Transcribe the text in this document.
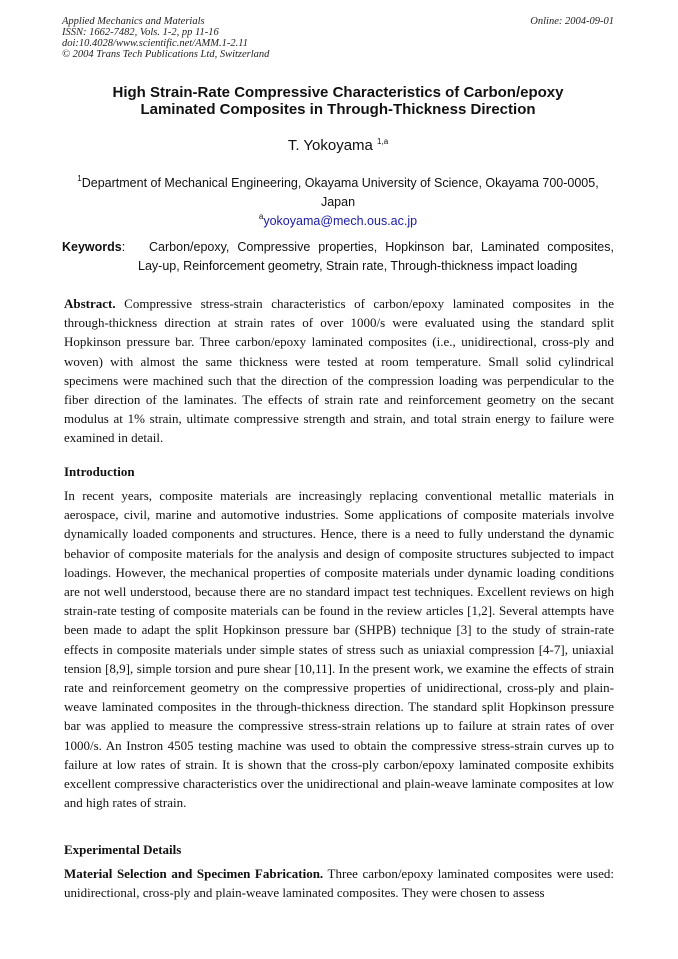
Applied Mechanics and Materials
ISSN: 1662-7482, Vols. 1-2, pp 11-16
doi:10.4028/www.scientific.net/AMM.1-2.11
© 2004 Trans Tech Publications Ltd, Switzerland
Online: 2004-09-01
High Strain-Rate Compressive Characteristics of Carbon/epoxy
Laminated Composites in Through-Thickness Direction
T. Yokoyama $^{1,a}$
$^1$Department of Mechanical Engineering, Okayama University of Science, Okayama 700-0005,
Japan
$^a$yokoyama@mech.ous.ac.jp
Keywords:   Carbon/epoxy, Compressive properties, Hopkinson bar, Laminated composites,
Lay-up, Reinforcement geometry, Strain rate, Through-thickness impact loading

Abstract. Compressive stress-strain characteristics of carbon/epoxy laminated composites in the through-thickness direction at strain rates of over 1000/s were evaluated using the standard split Hopkinson pressure bar. Three carbon/epoxy laminated composites (i.e., unidirectional, cross-ply and woven) with almost the same thickness were tested at room temperature. Small solid cylindrical specimens were machined such that the direction of the compression loading was perpendicular to the fiber direction of the laminates. The effects of strain rate and reinforcement geometry on the secant modulus at 1% strain, ultimate compressive strength and strain, and total strain energy to failure were examined in detail.

Introduction

In recent years, composite materials are increasingly replacing conventional metallic materials in aerospace, civil, marine and automotive industries. Some applications of composite materials involve dynamically loaded components and structures. Hence, there is a need to fully understand the dynamic behavior of composite materials for the analysis and design of composite structures subjected to impact loadings. However, the mechanical properties of composite materials under dynamic loading conditions are not well understood, because there are no standard impact test techniques. Excellent reviews on high strain-rate testing of composite materials can be found in the review articles [1,2]. Several attempts have been made to adapt the split Hopkinson pressure bar (SHPB) technique [3] to the study of strain-rate effects in composite materials under simple states of stress such as uniaxial compression [4-7], uniaxial tension [8,9], simple torsion and pure shear [10,11]. In the present work, we examine the effects of strain rate and reinforcement geometry on the compressive properties of unidirectional, cross-ply and plain-weave laminated composites in the through-thickness direction. The standard split Hopkinson pressure bar was applied to measure the compressive stress-strain relations up to failure at strain rates of over 1000/s. An Instron 4505 testing machine was used to obtain the compressive stress-strain curves up to failure at low rates of strain. It is shown that the cross-ply carbon/epoxy laminated composite exhibits excellent compressive characteristics over the unidirectional and plain-weave laminate composites at low and high rates of strain.

Experimental Details

Material Selection and Specimen Fabrication. Three carbon/epoxy laminated composites were used: unidirectional, cross-ply and plain-weave laminated composites. They were chosen to assess
